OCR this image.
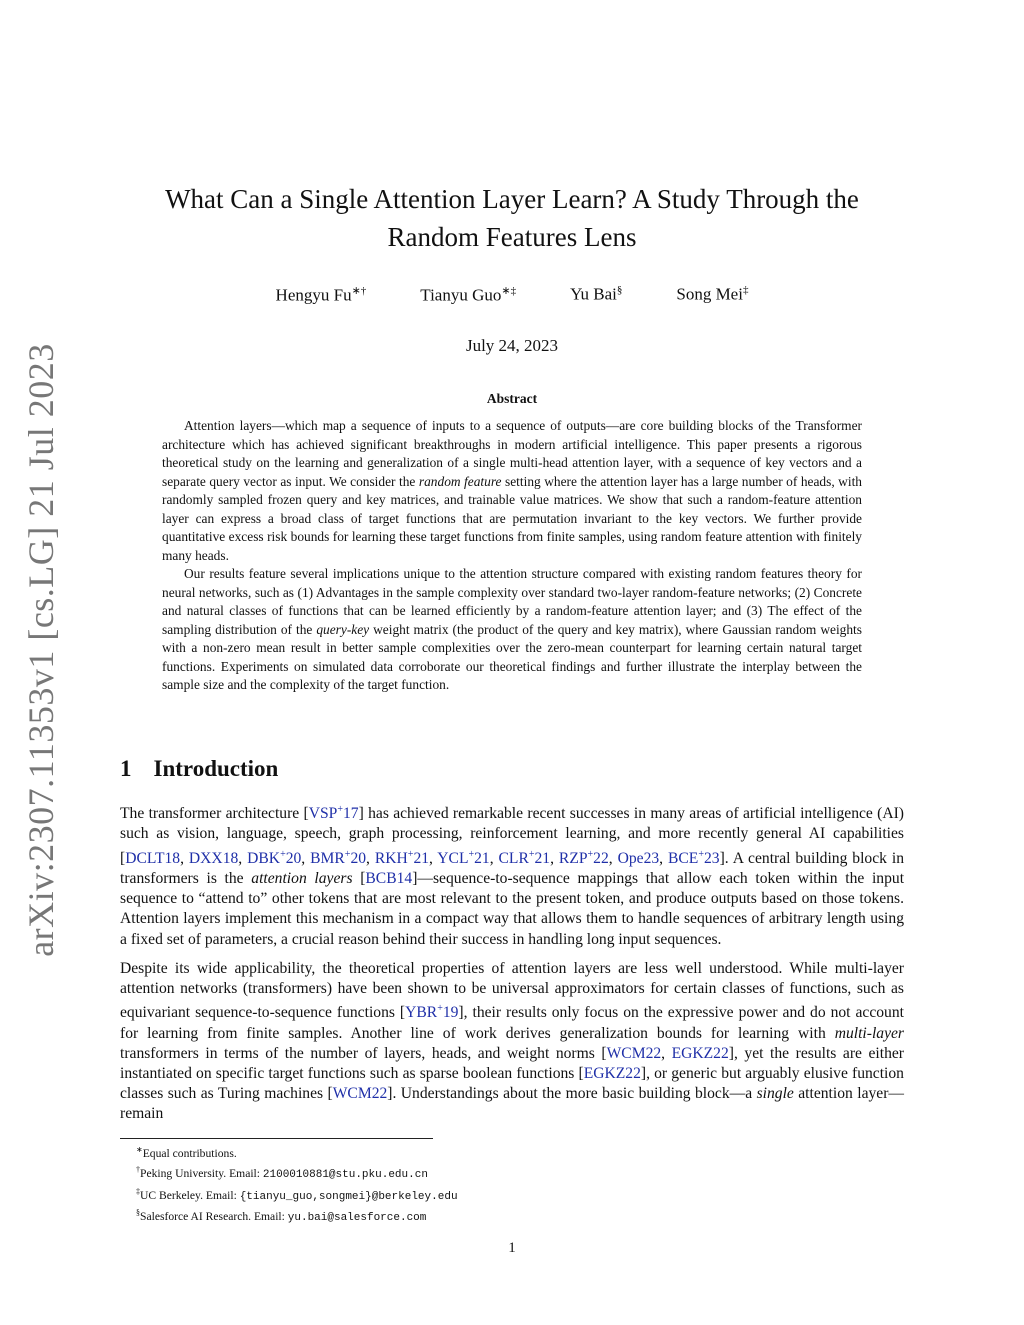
arXiv:2307.11353v1 [cs.LG] 21 Jul 2023
What Can a Single Attention Layer Learn? A Study Through the
Random Features Lens
Hengyu Fu∗†	Tianyu Guo∗‡	Yu Bai§	Song Mei‡
July 24, 2023
Abstract

Attention layers—which map a sequence of inputs to a sequence of outputs—are core building blocks of the Transformer architecture which has achieved significant breakthroughs in modern artificial intelligence. This paper presents a rigorous theoretical study on the learning and generalization of a single multi-head attention layer, with a sequence of key vectors and a separate query vector as input. We consider the random feature setting where the attention layer has a large number of heads, with randomly sampled frozen query and key matrices, and trainable value matrices. We show that such a random-feature attention layer can express a broad class of target functions that are permutation invariant to the key vectors. We further provide quantitative excess risk bounds for learning these target functions from finite samples, using random feature attention with finitely many heads.

Our results feature several implications unique to the attention structure compared with existing random features theory for neural networks, such as (1) Advantages in the sample complexity over standard two-layer random-feature networks; (2) Concrete and natural classes of functions that can be learned efficiently by a random-feature attention layer; and (3) The effect of the sampling distribution of the query-key weight matrix (the product of the query and key matrix), where Gaussian random weights with a non-zero mean result in better sample complexities over the zero-mean counterpart for learning certain natural target functions. Experiments on simulated data corroborate our theoretical findings and further illustrate the interplay between the sample size and the complexity of the target function.

1 Introduction

The transformer architecture [VSP+17] has achieved remarkable recent successes in many areas of artificial intelligence (AI) such as vision, language, speech, graph processing, reinforcement learning, and more recently general AI capabilities [DCLT18, DXX18, DBK+20, BMR+20, RKH+21, YCL+21, CLR+21, RZP+22, Ope23, BCE+23]. A central building block in transformers is the attention layers [BCB14]—sequence-to-sequence mappings that allow each token within the input sequence to “attend to” other tokens that are most relevant to the present token, and produce outputs based on those tokens. Attention layers implement this mechanism in a compact way that allows them to handle sequences of arbitrary length using a fixed set of parameters, a crucial reason behind their success in handling long input sequences.

Despite its wide applicability, the theoretical properties of attention layers are less well understood. While multi-layer attention networks (transformers) have been shown to be universal approximators for certain classes of functions, such as equivariant sequence-to-sequence functions [YBR+19], their results only focus on the expressive power and do not account for learning from finite samples. Another line of work derives generalization bounds for learning with multi-layer transformers in terms of the number of layers, heads, and weight norms [WCM22, EGKZ22], yet the results are either instantiated on specific target functions such as sparse boolean functions [EGKZ22], or generic but arguably elusive function classes such as Turing machines [WCM22]. Understandings about the more basic building block—a single attention layer— remain

∗Equal contributions.
†Peking University. Email: 2100010881@stu.pku.edu.cn
‡UC Berkeley. Email: {tianyu_guo,songmei}@berkeley.edu
§Salesforce AI Research. Email: yu.bai@salesforce.com
1
